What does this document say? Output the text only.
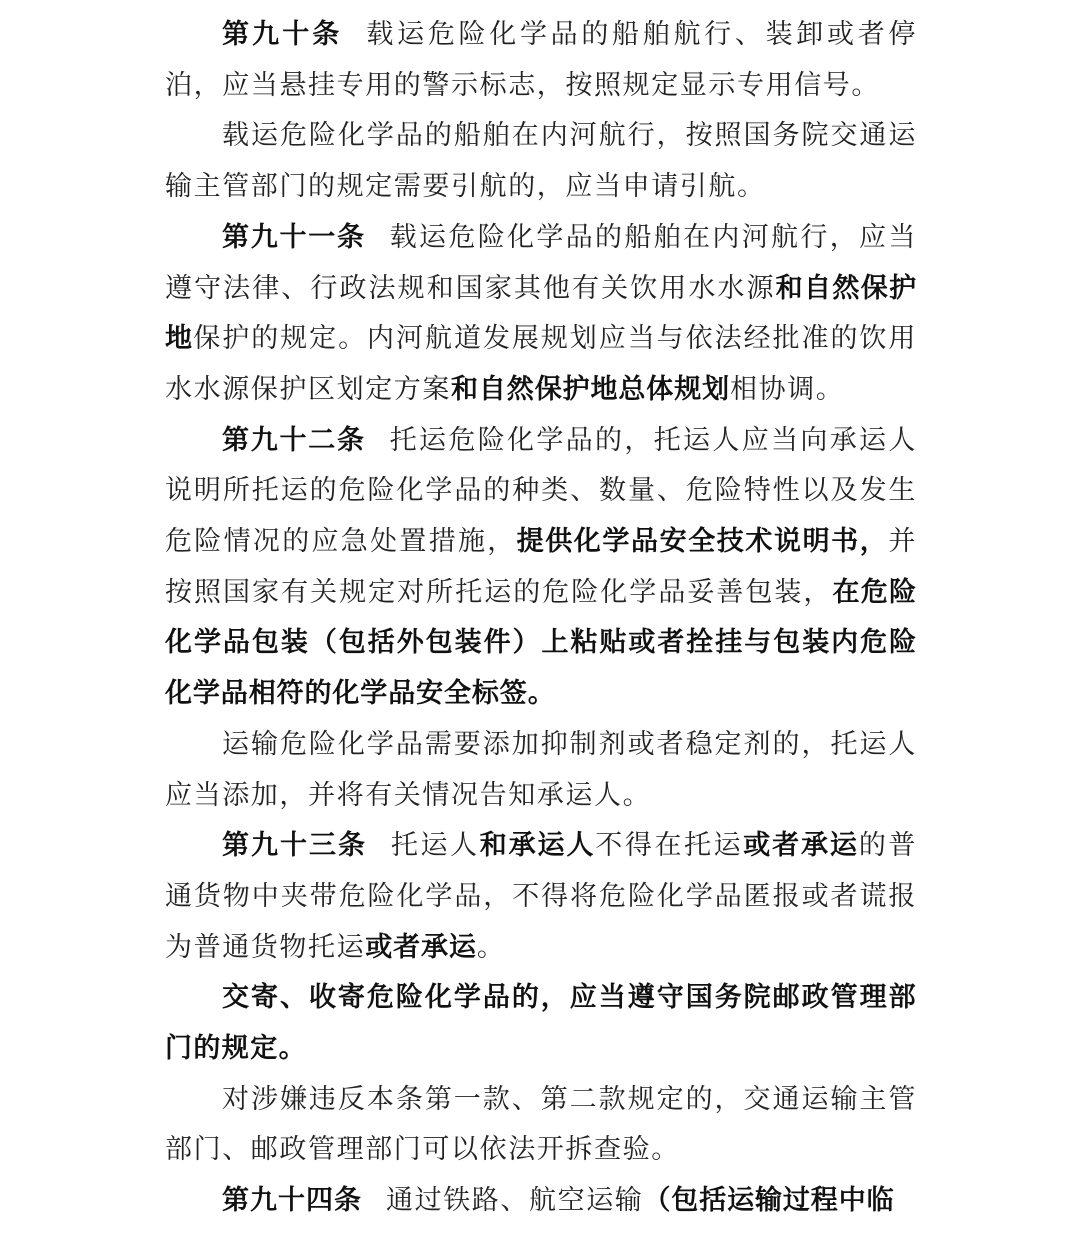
第九十条 载运危险化学品的船舶航行、装卸或者停泊，应当悬挂专用的警示标志，按照规定显示专用信号。

载运危险化学品的船舶在内河航行，按照国务院交通运输主管部门的规定需要引航的，应当申请引航。

第九十一条 载运危险化学品的船舶在内河航行，应当遵守法律、行政法规和国家其他有关饮用水水源和自然保护地保护的规定。内河航道发展规划应当与依法经批准的饮用水水源保护区划定方案和自然保护地总体规划相协调。

第九十二条 托运危险化学品的，托运人应当向承运人说明所托运的危险化学品的种类、数量、危险特性以及发生危险情况的应急处置措施，提供化学品安全技术说明书，并按照国家有关规定对所托运的危险化学品妥善包装，在危险化学品包装（包括外包装件）上粘贴或者拴挂与包装内危险化学品相符的化学品安全标签。

运输危险化学品需要添加抑制剂或者稳定剂的，托运人应当添加，并将有关情况告知承运人。

第九十三条 托运人和承运人不得在托运或者承运的普通货物中夹带危险化学品，不得将危险化学品匿报或者谎报为普通货物托运或者承运。

交寄、收寄危险化学品的，应当遵守国务院邮政管理部门的规定。

对涉嫌违反本条第一款、第二款规定的，交通运输主管部门、邮政管理部门可以依法开拆查验。

第九十四条 通过铁路、航空运输（包括运输过程中临
